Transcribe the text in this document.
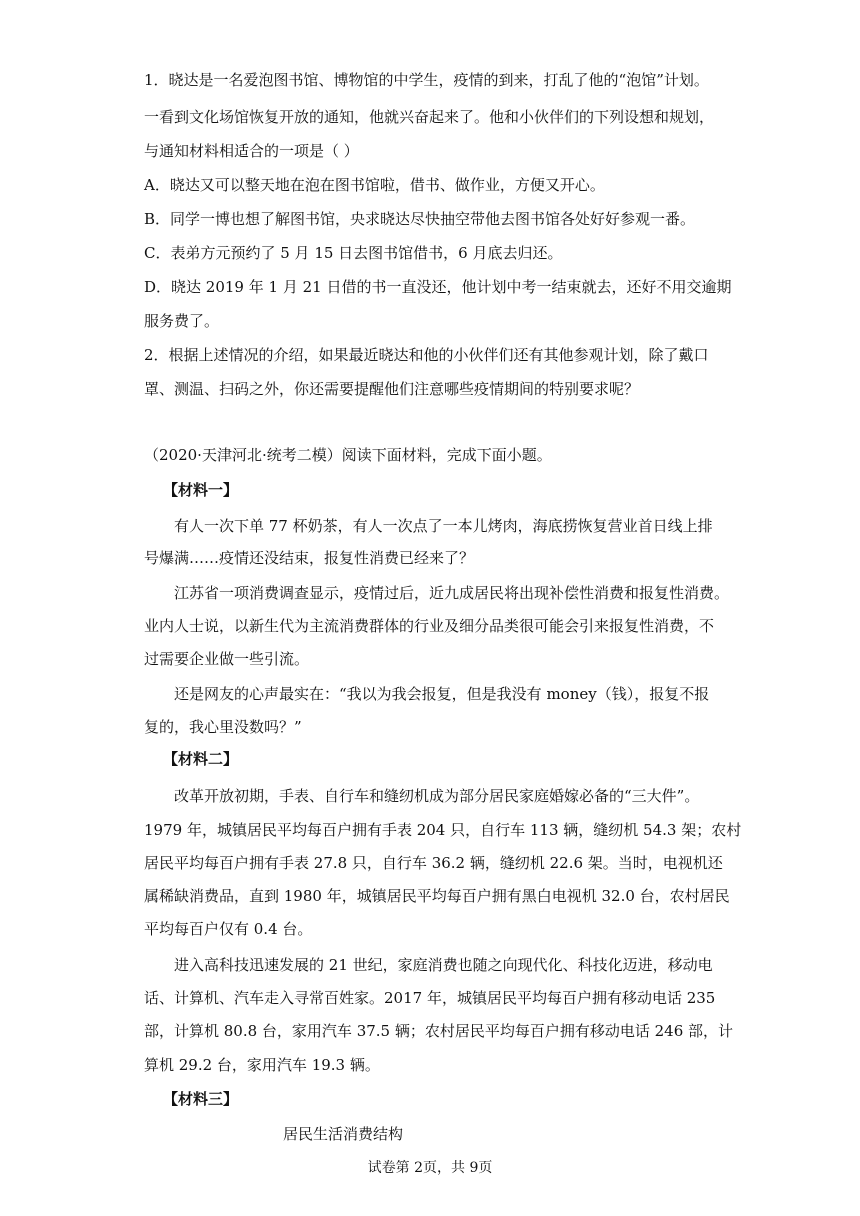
1．晓达是一名爱泡图书馆、博物馆的中学生，疫情的到来，打乱了他的“泡馆”计划。
一看到文化场馆恢复开放的通知，他就兴奋起来了。他和小伙伴们的下列设想和规划，
与通知材料相适合的一项是（ ）
A．晓达又可以整天地在泡在图书馆啦，借书、做作业，方便又开心。
B．同学一博也想了解图书馆，央求晓达尽快抽空带他去图书馆各处好好参观一番。
C．表弟方元预约了 5 月 15 日去图书馆借书，6 月底去归还。
D．晓达 2019 年 1 月 21 日借的书一直没还，他计划中考一结束就去，还好不用交逾期
服务费了。
2．根据上述情况的介绍，如果最近晓达和他的小伙伴们还有其他参观计划，除了戴口
罩、测温、扫码之外，你还需要提醒他们注意哪些疫情期间的特别要求呢？
（2020·天津河北·统考二模）阅读下面材料，完成下面小题。
【材料一】
有人一次下单 77 杯奶茶，有人一次点了一本儿烤肉，海底捞恢复营业首日线上排
号爆满……疫情还没结束，报复性消费已经来了？
江苏省一项消费调查显示，疫情过后，近九成居民将出现补偿性消费和报复性消费。
业内人士说，以新生代为主流消费群体的行业及细分品类很可能会引来报复性消费，不
过需要企业做一些引流。
还是网友的心声最实在：“我以为我会报复，但是我没有 money（钱），报复不报
复的，我心里没数吗？”
【材料二】
改革开放初期，手表、自行车和缝纫机成为部分居民家庭婚嫁必备的“三大件”。
1979 年，城镇居民平均每百户拥有手表 204 只，自行车 113 辆，缝纫机 54.3 架；农村
居民平均每百户拥有手表 27.8 只，自行车 36.2 辆，缝纫机 22.6 架。当时，电视机还
属稀缺消费品，直到 1980 年，城镇居民平均每百户拥有黑白电视机 32.0 台，农村居民
平均每百户仅有 0.4 台。
进入高科技迅速发展的 21 世纪，家庭消费也随之向现代化、科技化迈进，移动电
话、计算机、汽车走入寻常百姓家。2017 年，城镇居民平均每百户拥有移动电话 235
部，计算机 80.8 台，家用汽车 37.5 辆；农村居民平均每百户拥有移动电话 246 部，计
算机 29.2 台，家用汽车 19.3 辆。
【材料三】
居民生活消费结构
试卷第 2页，共 9页
